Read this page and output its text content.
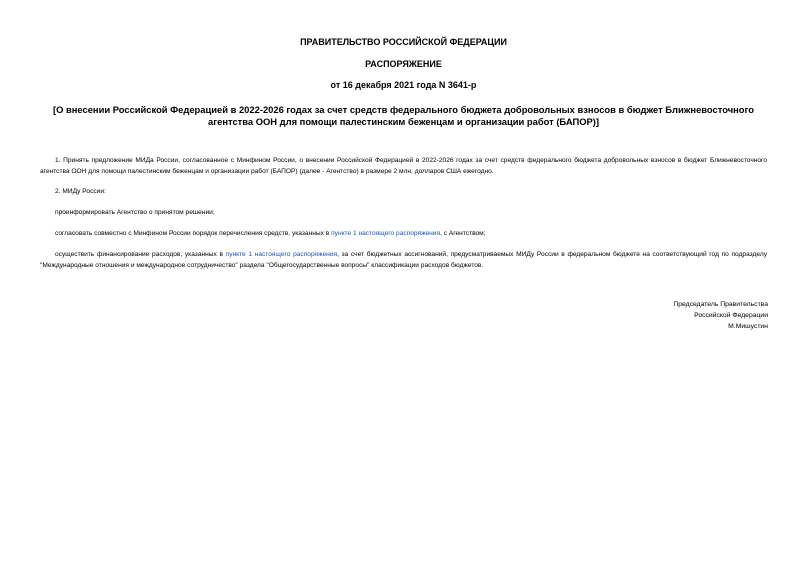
ПРАВИТЕЛЬСТВО РОССИЙСКОЙ ФЕДЕРАЦИИ
РАСПОРЯЖЕНИЕ
от 16 декабря 2021 года N 3641-р
[О внесении Российской Федерацией в 2022-2026 годах за счет средств федерального бюджета добровольных взносов в бюджет Ближневосточного агентства ООН для помощи палестинским беженцам и организации работ (БАПОР)]

1. Принять предложение МИДа России, согласованное с Минфином России, о внесении Российской Федерацией в 2022-2026 годах за счет средств федерального бюджета добровольных взносов в бюджет Ближневосточного агентства ООН для помощи палестинским беженцам и организации работ (БАПОР) (далее - Агентство) в размере 2 млн. долларов США ежегодно.

2. МИДу России:

проинформировать Агентство о принятом решении;

согласовать совместно с Минфином России порядок перечисления средств, указанных в пункте 1 настоящего распоряжения, с Агентством;

осуществить финансирование расходов, указанных в пункте 1 настоящего распоряжения, за счет бюджетных ассигнований, предусматриваемых МИДу России в федеральном бюджете на соответствующий год по подразделу "Международные отношения и международное сотрудничество" раздела "Общегосударственные вопросы" классификации расходов бюджетов.

Председатель Правительства
Российской Федерации
М.Мишустин
